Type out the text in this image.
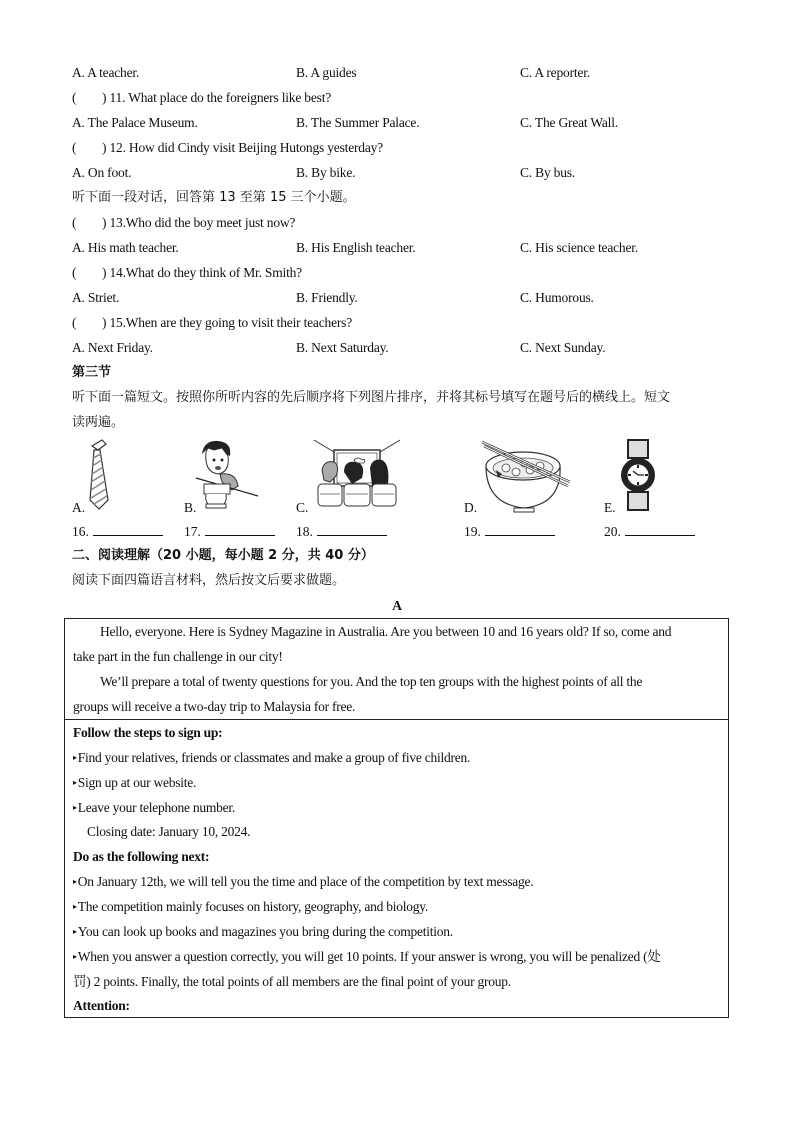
A. A teacher.	B. A guides	C. A reporter.
( ) 11. What place do the foreigners like best?
A. The Palace Museum.	B. The Summer Palace.	C. The Great Wall.
( ) 12. How did Cindy visit Beijing Hutongs yesterday?
A. On foot.	B. By bike.	C. By bus.
听下面一段对话，回答第 13 至第 15 三个小题。
( ) 13.Who did the boy meet just now?
A. His math teacher.	B. His English teacher.	C. His science teacher.
( ) 14.What do they think of Mr. Smith?
A. Striet.	B. Friendly.	C. Humorous.
( ) 15.When are they going to visit their teachers?
A. Next Friday.	B. Next Saturday.	C. Next Sunday.
第三节
听下面一篇短文。按照你所听内容的先后顺序将下列图片排序，并将其标号填写在题号后的横线上。短文
读两遍。
A.	B.	C.	D.	E.
16.	17.	18.	19.	20.
二、阅读理解（20 小题，每小题 2 分，共 40 分）
阅读下面四篇语言材料，然后按文后要求做题。
A
Hello, everyone. Here is Sydney Magazine in Australia. Are you between 10 and 16 years old? If so, come and
take part in the fun challenge in our city!
We’ll prepare a total of twenty questions for you. And the top ten groups with the highest points of all the
groups will receive a two-day trip to Malaysia for free.
Follow the steps to sign up:
▸Find your relatives, friends or classmates and make a group of five children.
▸Sign up at our website.
▸Leave your telephone number.
Closing date: January 10, 2024.
Do as the following next:
▸On January 12th, we will tell you the time and place of the competition by text message.
▸The competition mainly focuses on history, geography, and biology.
▸You can look up books and magazines you bring during the competition.
▸When you answer a question correctly, you will get 10 points. If your answer is wrong, you will be penalized (处
罚) 2 points. Finally, the total points of all members are the final point of your group.
Attention:
